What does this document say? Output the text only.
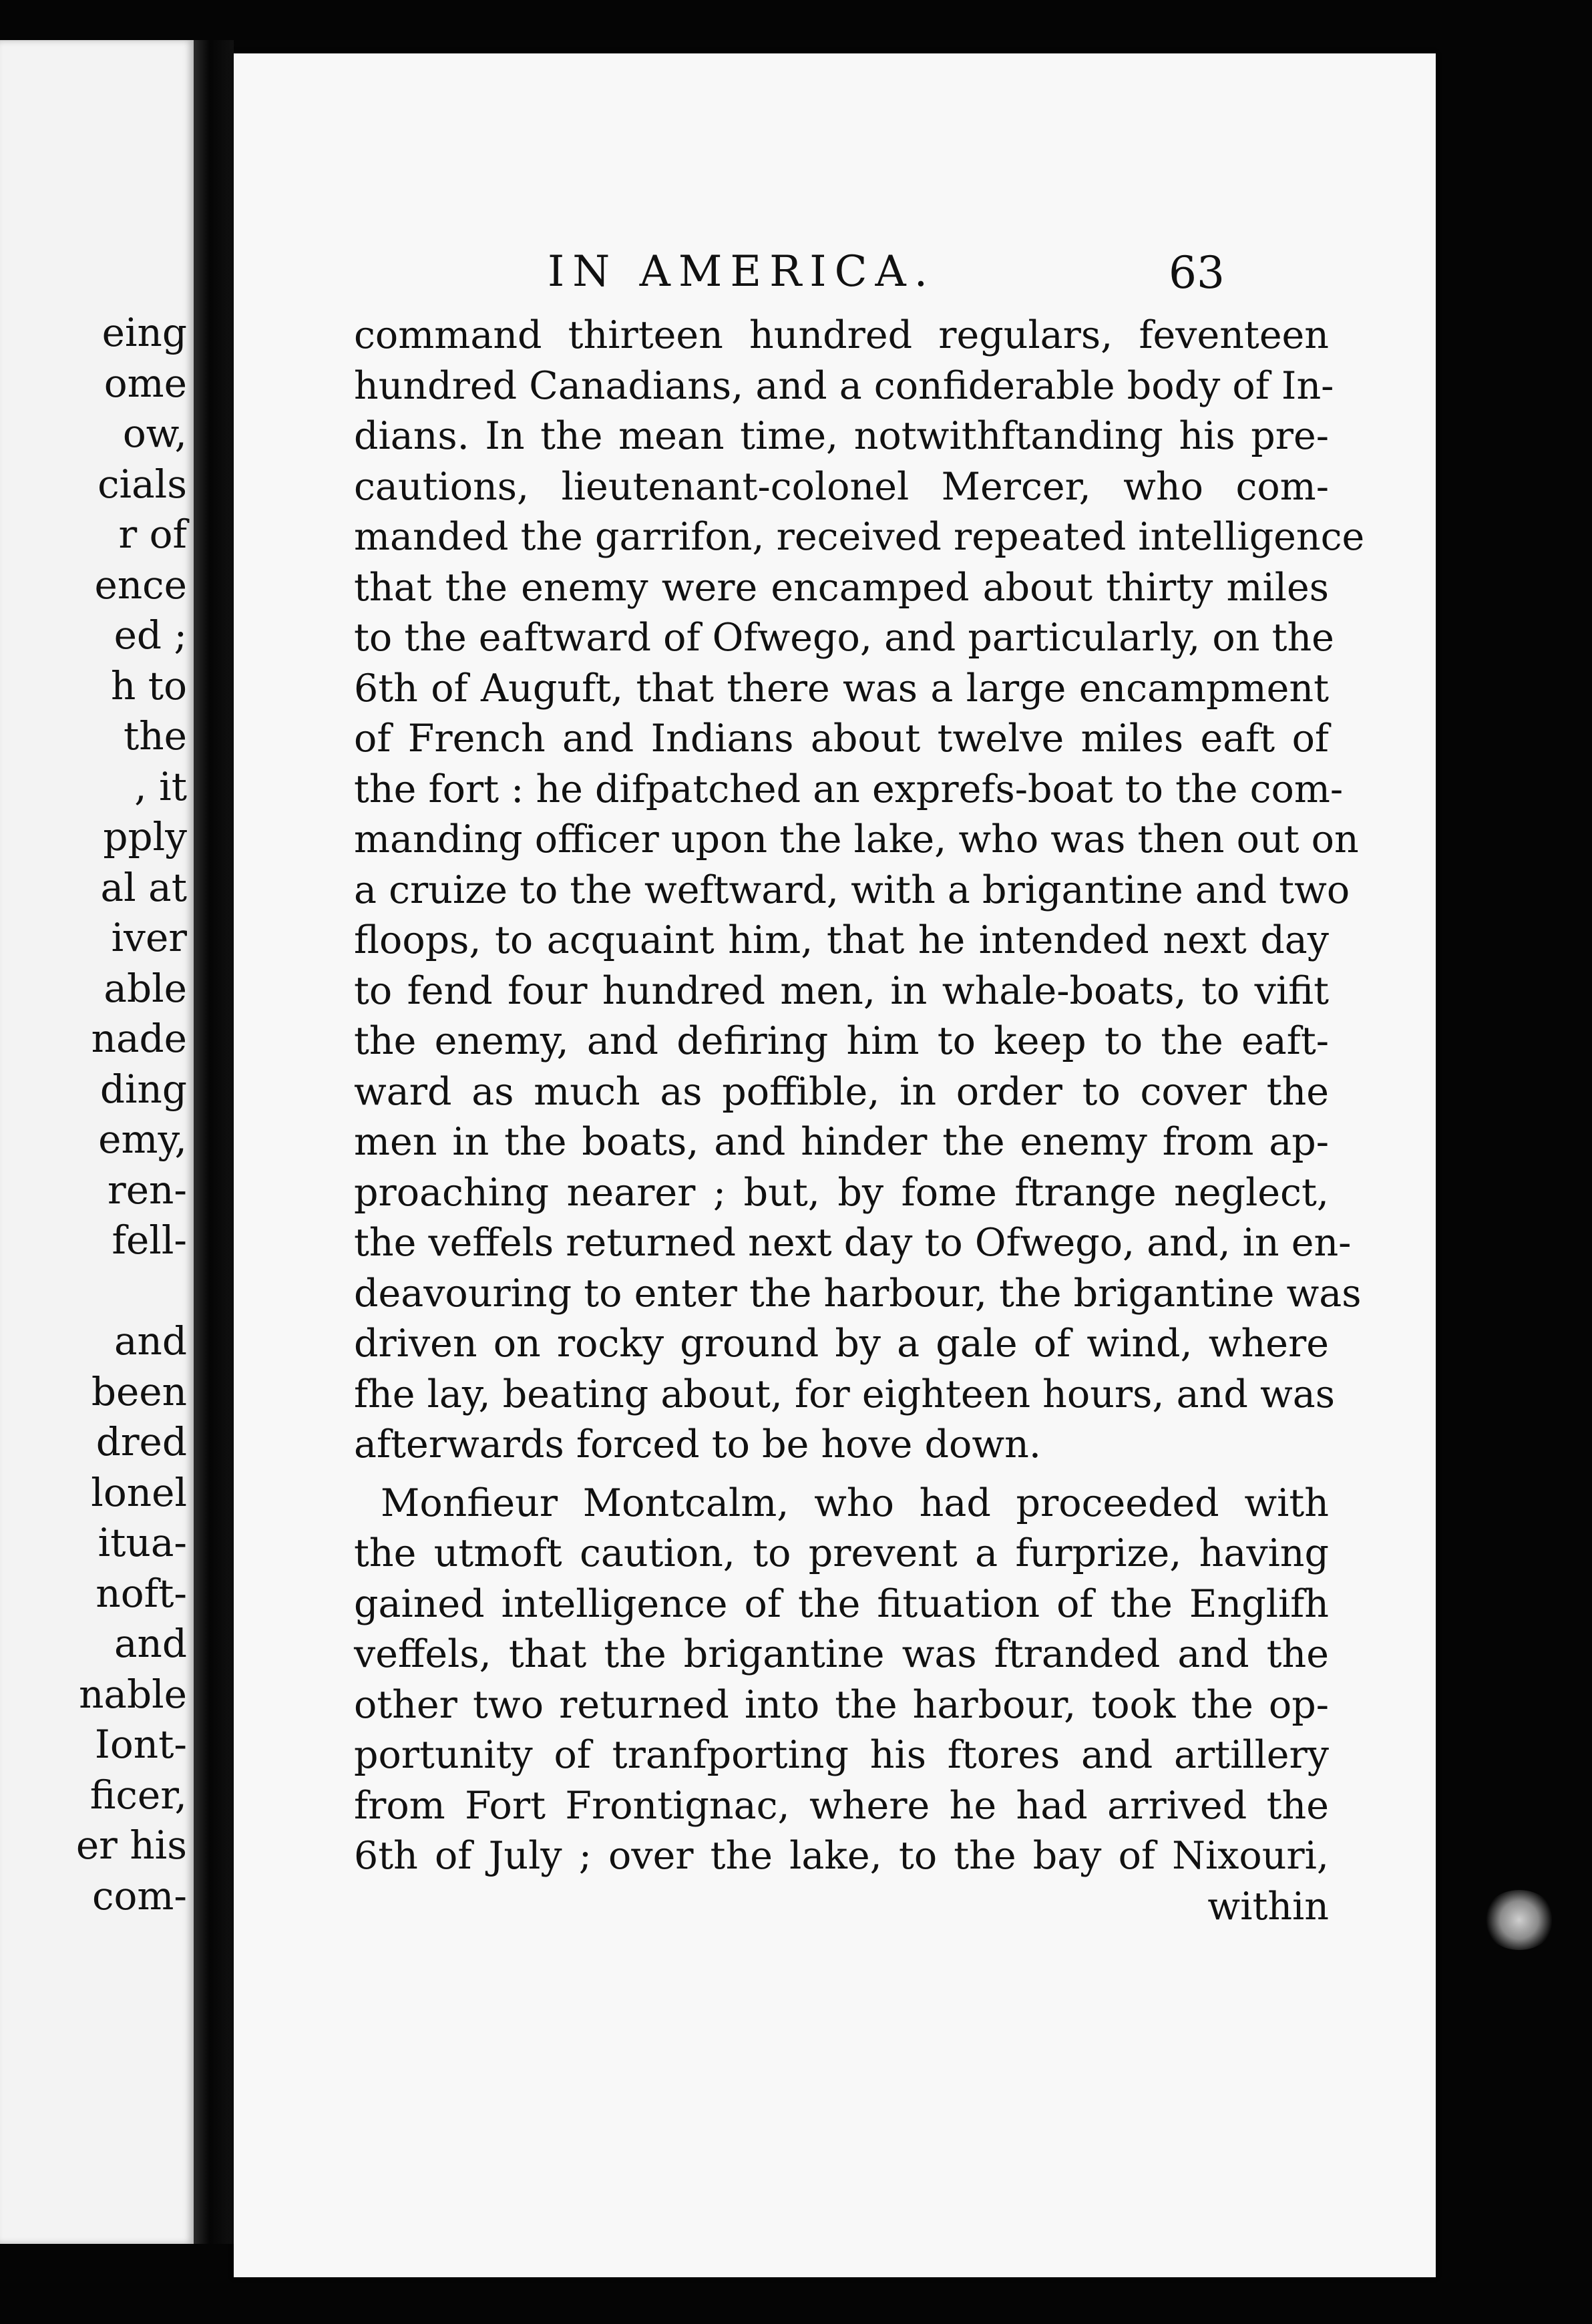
eing
ome
ow,
cials
r of
ence
ed ;
h to
the
, it
pply
al at
iver
able
nade
ding
emy,
ren-
fell-
and
been
dred
lonel
itua-
noft-
and
nable
Iont-
ficer,
er his
com-
IN AMERICA.	63
command thirteen hundred regulars, feventeen
hundred Canadians, and a confiderable body of In-
dians. In the mean time, notwithftanding his pre-
cautions, lieutenant-colonel Mercer, who com-
manded the garrifon, received repeated intelligence
that the enemy were encamped about thirty miles
to the eaftward of Ofwego, and particularly, on the
6th of Auguft, that there was a large encampment
of French and Indians about twelve miles eaft of
the fort : he difpatched an exprefs-boat to the com-
manding officer upon the lake, who was then out on
a cruize to the weftward, with a brigantine and two
floops, to acquaint him, that he intended next day
to fend four hundred men, in whale-boats, to vifit
the enemy, and defiring him to keep to the eaft-
ward as much as poffible, in order to cover the
men in the boats, and hinder the enemy from ap-
proaching nearer ; but, by fome ftrange neglect,
the veffels returned next day to Ofwego, and, in en-
deavouring to enter the harbour, the brigantine was
driven on rocky ground by a gale of wind, where
fhe lay, beating about, for eighteen hours, and was
afterwards forced to be hove down.
Monfieur Montcalm, who had proceeded with
the utmoft caution, to prevent a furprize, having
gained intelligence of the fituation of the Englifh
veffels, that the brigantine was ftranded and the
other two returned into the harbour, took the op-
portunity of tranfporting his ftores and artillery
from Fort Frontignac, where he had arrived the
6th of July ; over the lake, to the bay of Nixouri,
within
